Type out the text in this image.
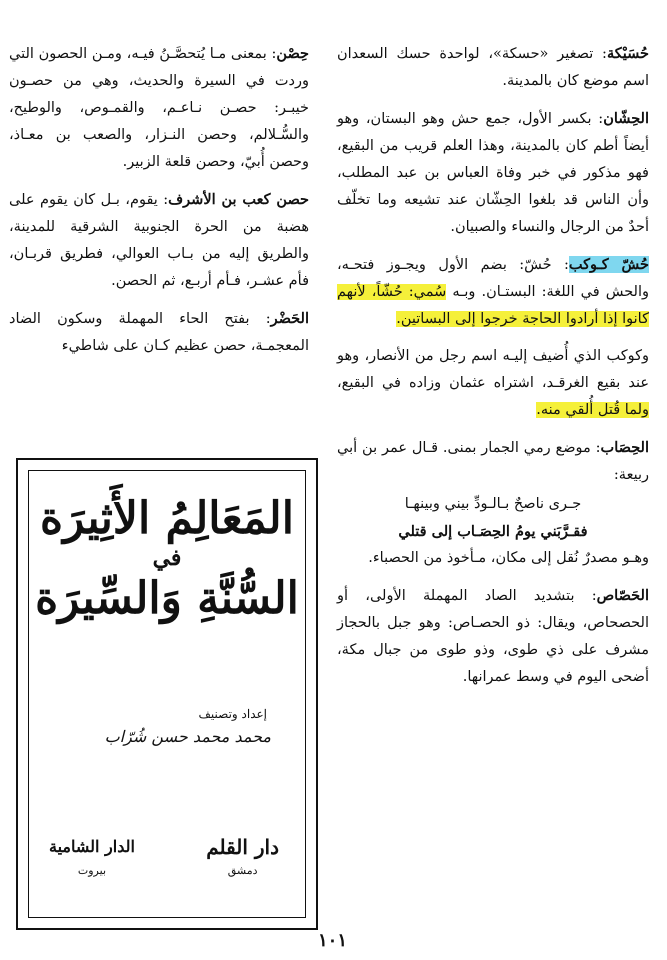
حُسَيْكة: تصغير «حسكة»، لواحدة حسك السعدان اسم موضع كان بالمدينة.

الحِشّان: بكسر الأول، جمع حش وهو البستان، وهو أيضاً أطم كان بالمدينة، وهذا العلم قريب من البقيع، فهو مذكور في خبر وفاة العباس بن عبد المطلب، وأن الناس قد بلغوا الحِشّان عند تشيعه وما تخلّف أحدٌ من الرجال والنساء والصبيان.

حُشّ كـوكب: حُشّ: بضم الأول ويجـوز فتحـه، والحش في اللغة: البستـان. وبـه سُمي: حُشّاً، لأنهم كانوا إذا أرادوا الحاجة خرجوا إلى البساتين.

وكوكب الذي أُضيف إليـه اسم رجل من الأنصار، وهو عند بقيع الغرقـد، اشتراه عثمان وزاده في البقيع، ولما قُتل أُلقي منه.

الحِصَاب: موضع رمي الجمار بمنى. قـال عمر بن أبي ربيعة:

جـرى ناصحٌ بـالـودِّ بيني وبينهـا

فقـرَّبَني يومُ الحِصَـاب إلى قتلي

وهـو مصدرٌ نُقل إلى مكان، مـأخوذ من الحصباء.

الحَصّاص: بتشديد الصاد المهملة الأولى، أو الحصحاص، ويقال: ذو الحصـاص: وهو جبل بالحجاز مشرف على ذي طوى، وذو طوى من جبال مكة، أضحى اليوم في وسط عمرانها.

حِصْن: بمعنى مـا يُتحصَّـنُ فيـه، ومـن الحصون التي وردت في السيرة والحديث، وهي من حصـون خيبـر: حصـن نـاعـم، والقمـوص، والوطيح، والسُّـلالم، وحصن النـزار، والصعب بن معـاذ، وحصن أُبيّ، وحصن قلعة الزبير.

حصن كعب بن الأشرف: يقوم، بـل كان يقوم على هضبة من الحرة الجنوبية الشرقية للمدينة، والطريق إليه من بـاب العوالي، فطريق قربـان، فأم عشـر، فـأم أربـع، ثم الحصن.

الحَضْر: بفتح الحاء المهملة وسكون الضاد المعجمـة، حصن عظيم كـان على شاطيء

المَعَالِمُ الأَثِيرَة
في
السُّنَّةِ وَالسِّيرَة
إعداد وتصنيف
محمد محمد حسن شُرّاب
دار القلم
دمشق
الدار الشامية
بيروت
١٠١
